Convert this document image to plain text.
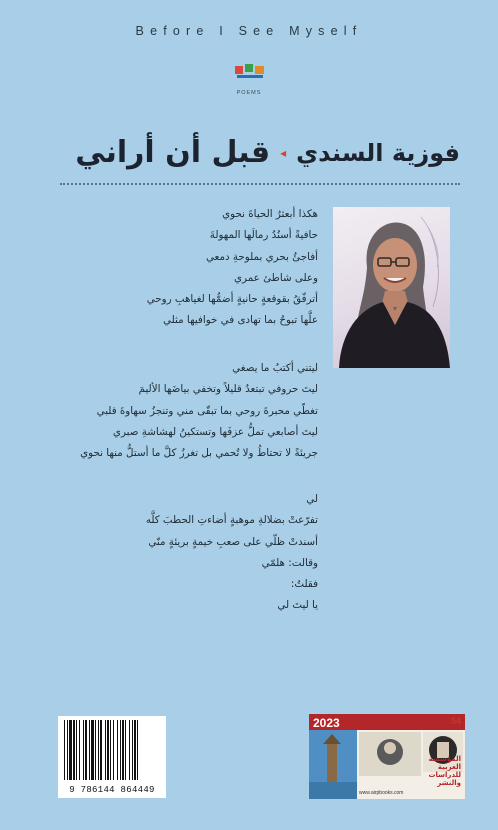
Before I See Myself
POEMS
فوزية السندي
◂
قبل أن أراني
هكذا أبعثرُ الحياةَ نحوي
حافيةً أسنُدُ رمالَها المهولةَ
أفاجئُ بحري بملوحةِ دمعي
وعلى شاطئ عمري
أترفّقُ بقوقعةٍ حانيةٍ أضمُّها لغياهبِ روحي
علَّها تبوحُ بما تهادى في خوافيها مثلي
ليتني أكتبُ ما يصغي
ليتَ حروفي تبتعدُ قليلاً وتخفي بياضَها الأليمَ
تغطّي محبرةَ روحي بما تبقّى مني وتنجزُ سهاوةَ قلبي
ليتَ أصابعي تملُّ عزفَها وتستكينُ لهشاشةِ صبري
جريئةً لا تحتاطُ ولا تُحمي بل تغرزُ كلَّ ما أستلُّ منها نحوي
لي
تفرّعتْ بضلالةِ موهبةٍ أضاءتِ الحطبَ كلَّه
أسندتْ ظلّي على صعبِ خيمةٍ بريئةٍ منّي
وقالت: هلمّي
فقلتُ:
يا ليتَ لي
9 786144 864449
2023	54
المؤسسة العربية للدراسات والنشر
www.airpbooks.com
